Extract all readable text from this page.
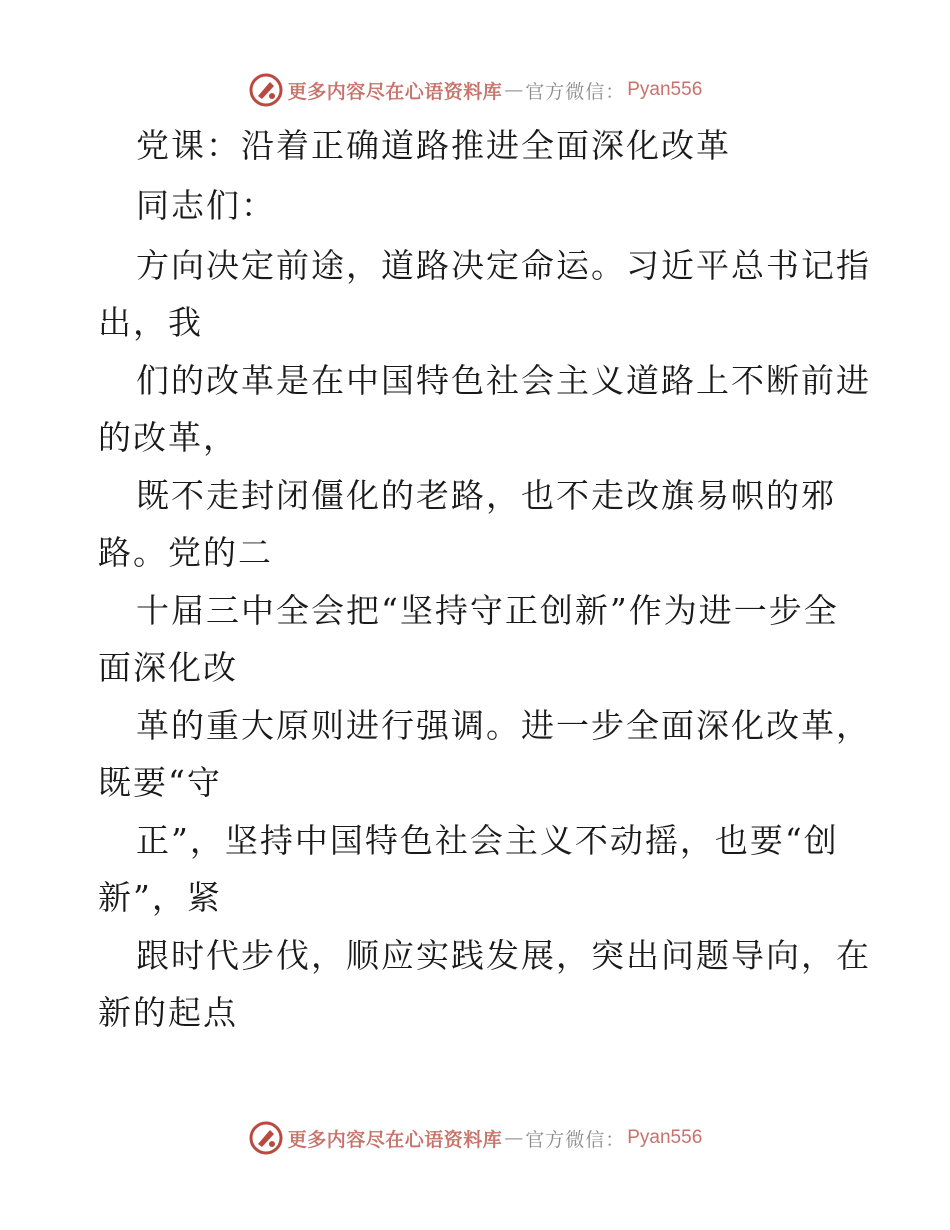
更多内容尽在心语资料库 — 官方微信： Pyan556
党课：沿着正确道路推进全面深化改革
同志们：
方向决定前途，道路决定命运。习近平总书记指
出，我
们的改革是在中国特色社会主义道路上不断前进
的改革，
既不走封闭僵化的老路，也不走改旗易帜的邪
路。党的二
十届三中全会把“坚持守正创新”作为进一步全
面深化改
革的重大原则进行强调。进一步全面深化改革，
既要“守
正”，坚持中国特色社会主义不动摇，也要“创
新”，紧
跟时代步伐，顺应实践发展，突出问题导向，在
新的起点
更多内容尽在心语资料库 — 官方微信： Pyan556
